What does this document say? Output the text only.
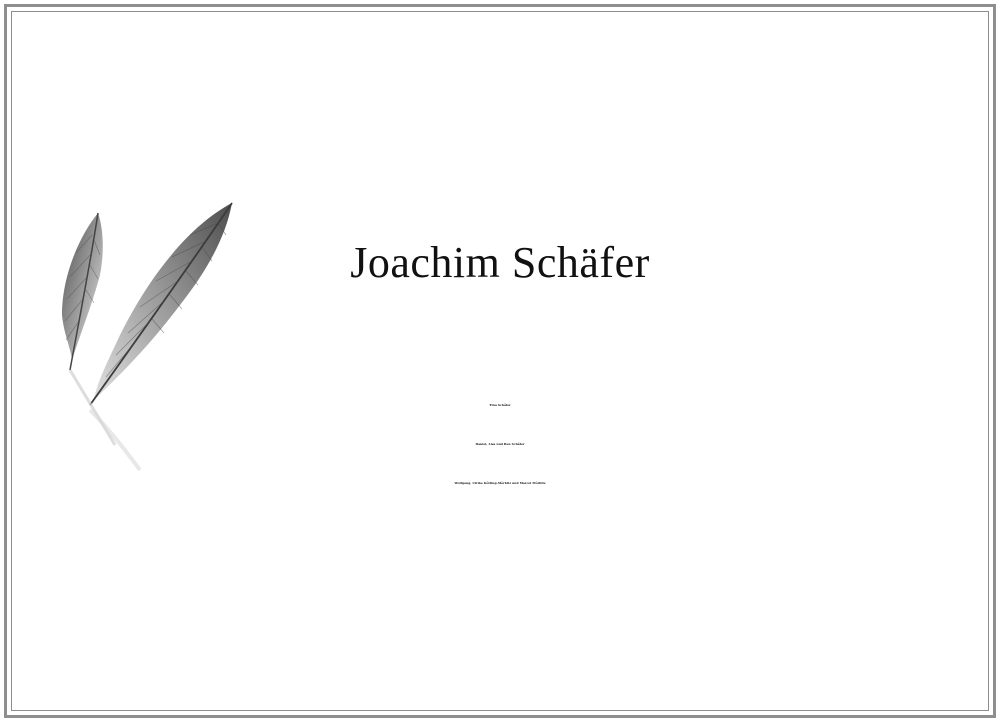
Joachim Schäfer
Tina Schäfer
Daniel, Lisa und Ben Schäfer
Wolfgang, Ulrike Kötting-Mörbitz und Marcel Mörbitz
